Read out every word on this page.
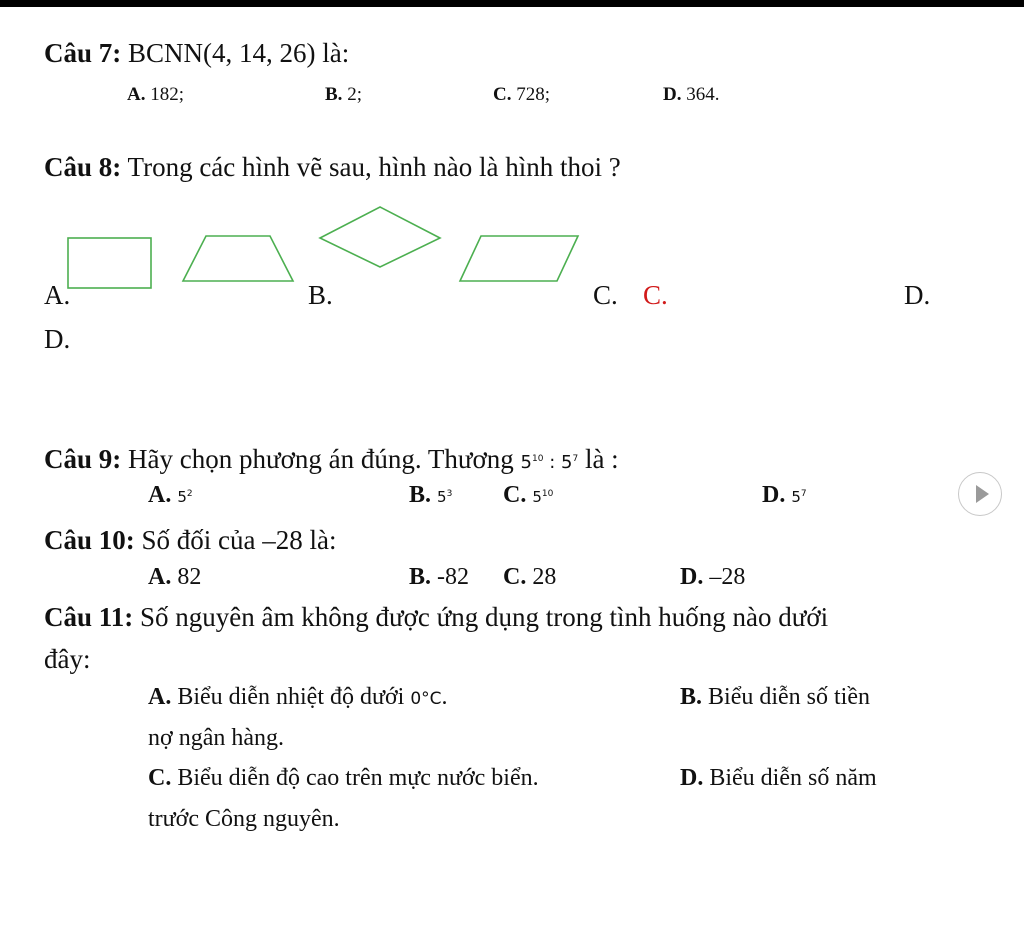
Câu 7: BCNN(4, 14, 26) là:
A. 182;	B. 2;	C. 728;	D. 364.
Câu 8: Trong các hình vẽ sau, hình nào là hình thoi ?
A.	B.	C. C.	D.
D.
Câu 9: Hãy chọn phương án đúng. Thương $5^{10}$ : $5^7$ là :
A. $5^2$	B. $5^3$ C. $5^{10}$	D. $5^7$
Câu 10: Số đối của –28 là:
A. 82	B. -82 C. 28	D. –28
Câu 11: Số nguyên âm không được ứng dụng trong tình huống nào dưới
đây:
A. Biểu diễn nhiệt độ dưới 0°C.	B. Biểu diễn số tiền
nợ ngân hàng.
C. Biểu diễn độ cao trên mực nước biển.	D. Biểu diễn số năm
trước Công nguyên.
